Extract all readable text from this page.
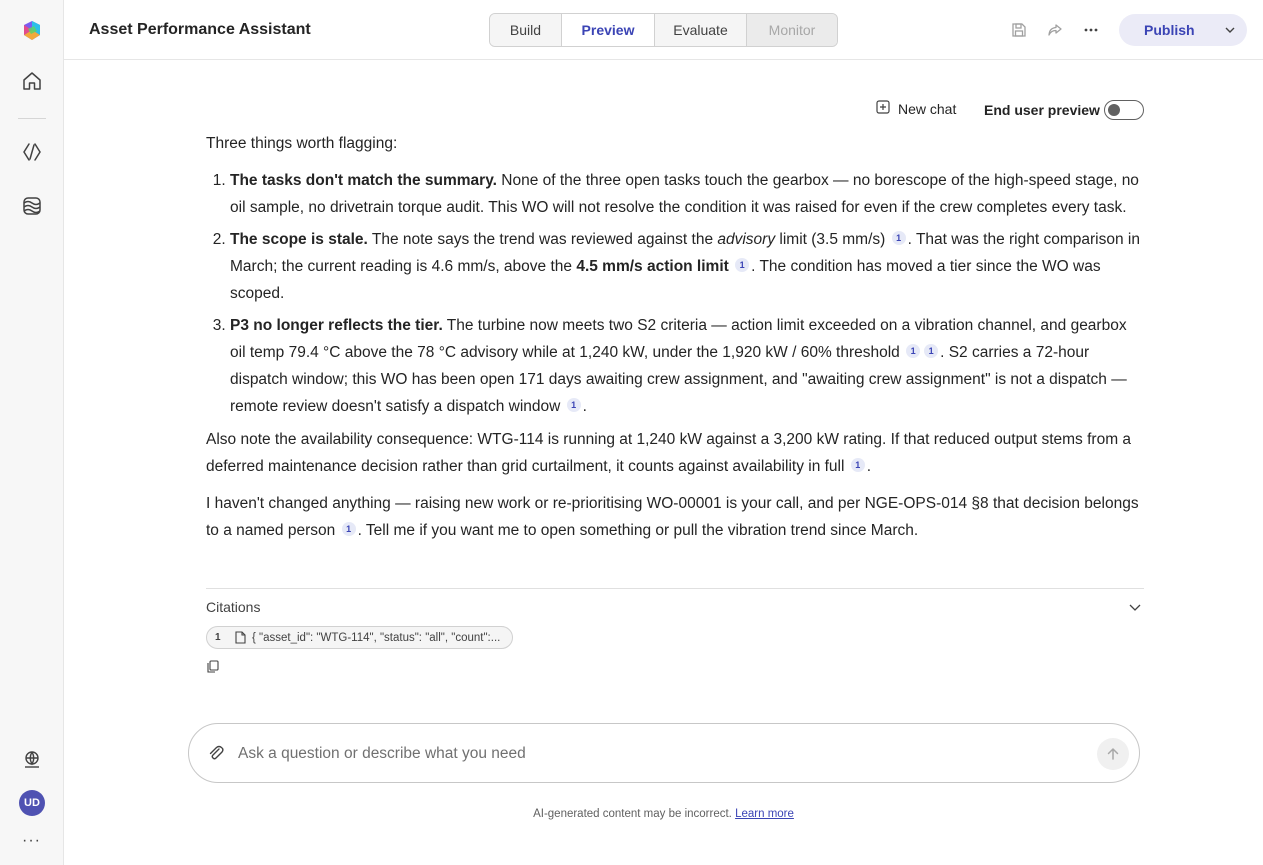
UD
···
Asset Performance Assistant	Build	Preview	Evaluate	Monitor	Publish
New chat End user preview

Three things worth flagging:

1. The tasks don't match the summary. None of the three open tasks touch the gearbox — no borescope of the high-speed stage, no oil sample, no drivetrain torque audit. This WO will not resolve the condition it was raised for even if the crew completes every task.
2. The scope is stale. The note says the trend was reviewed against the advisory limit (3.5 mm/s) 1 . That was the right comparison in March; the current reading is 4.6 mm/s, above the 4.5 mm/s action limit 1 . The condition has moved a tier since the WO was scoped.
3. P3 no longer reflects the tier. The turbine now meets two S2 criteria — action limit exceeded on a vibration channel, and gearbox oil temp 79.4 °C above the 78 °C advisory while at 1,240 kW, under the 1,920 kW / 60% threshold 1 1 . S2 carries a 72-hour dispatch window; this WO has been open 171 days awaiting crew assignment, and "awaiting crew assignment" is not a dispatch — remote review doesn't satisfy a dispatch window 1 .

Also note the availability consequence: WTG-114 is running at 1,240 kW against a 3,200 kW rating. If that reduced output stems from a deferred maintenance decision rather than grid curtailment, it counts against availability in full 1 .

I haven't changed anything — raising new work or re-prioritising WO-00001 is your call, and per NGE-OPS-014 §8 that decision belongs to a named person 1 . Tell me if you want me to open something or pull the vibration trend since March.

Citations
1	{ "asset_id": "WTG-114", "status": "all", "count":...
Ask a question or describe what you need
AI-generated content may be incorrect. Learn more
